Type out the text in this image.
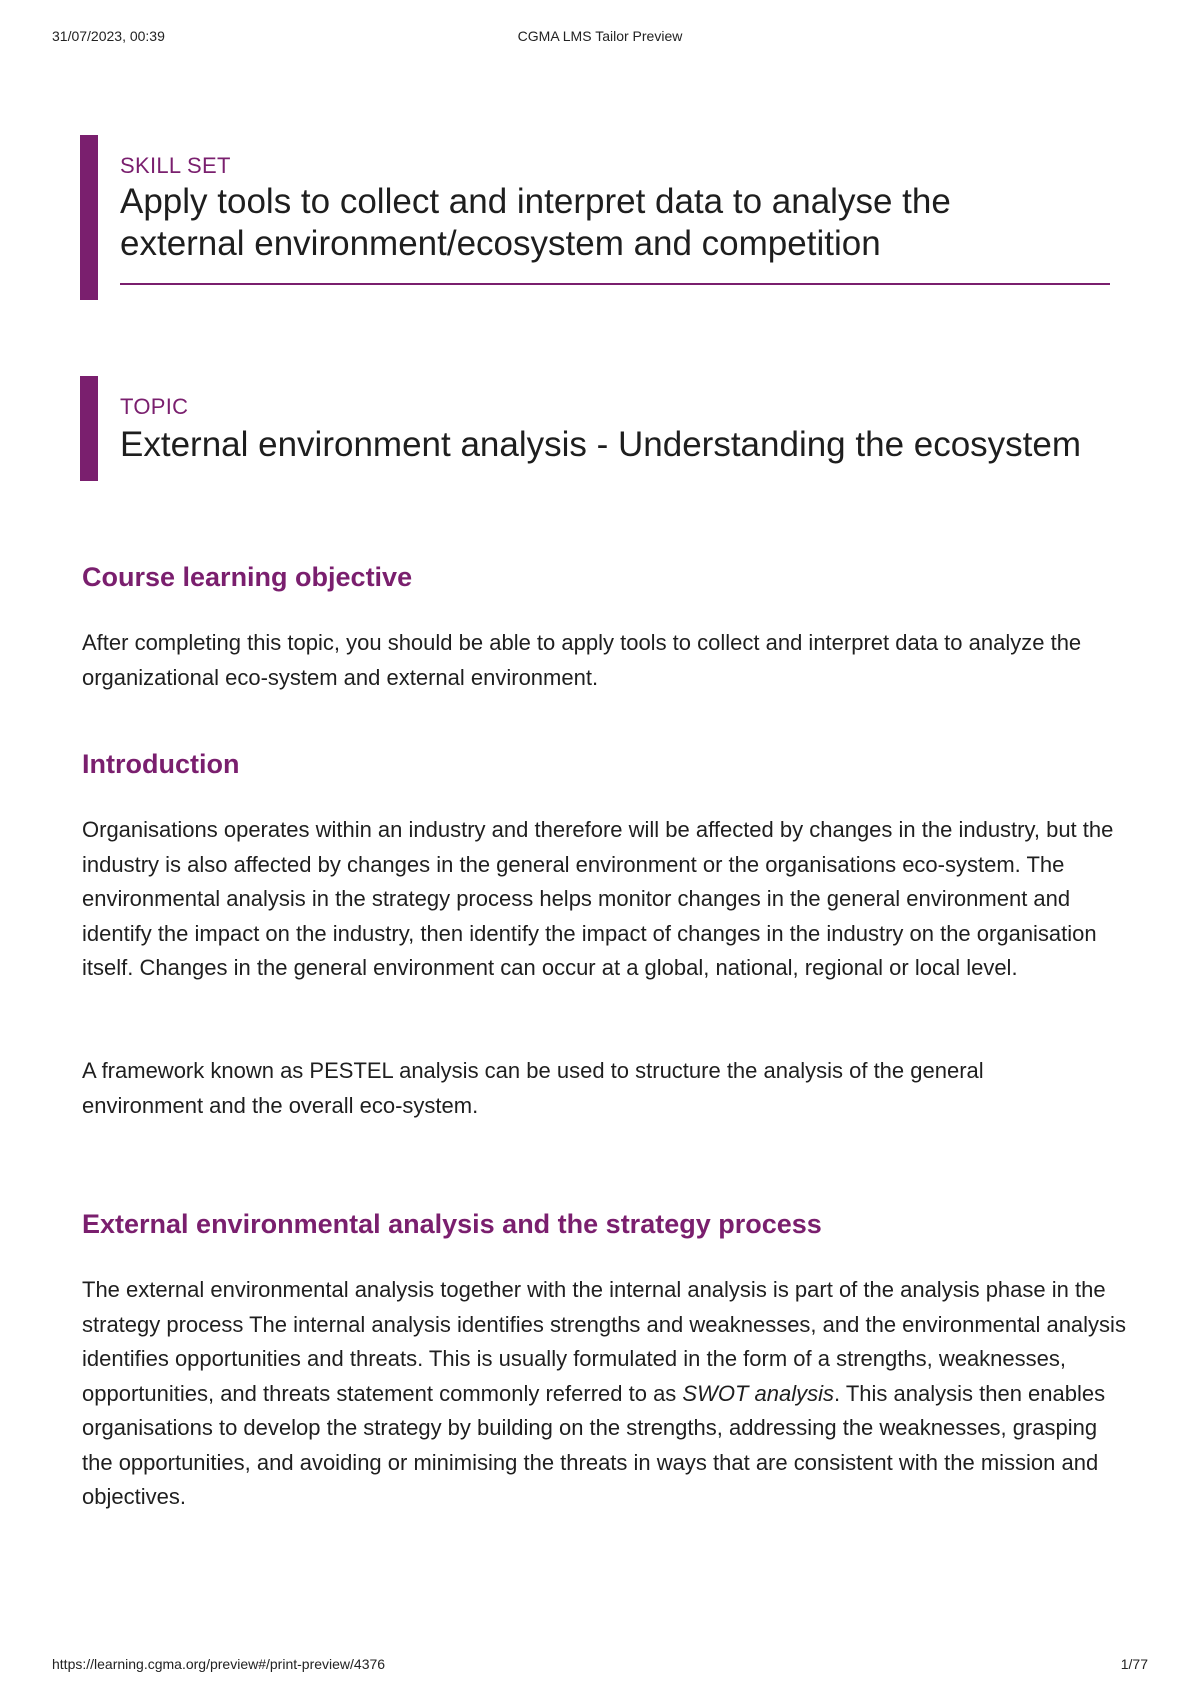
31/07/2023, 00:39	CGMA LMS Tailor Preview
SKILL SET
Apply tools to collect and interpret data to analyse the
external environment/ecosystem and competition
TOPIC
External environment analysis - Understanding the ecosystem
Course learning objective

After completing this topic, you should be able to apply tools to collect and interpret data to analyze the organizational eco-system and external environment.

Introduction

Organisations operates within an industry and therefore will be affected by changes in the industry, but the industry is also affected by changes in the general environment or the organisations eco-system. The environmental analysis in the strategy process helps monitor changes in the general environment and identify the impact on the industry, then identify the impact of changes in the industry on the organisation itself. Changes in the general environment can occur at a global, national, regional or local level.

A framework known as PESTEL analysis can be used to structure the analysis of the general environment and the overall eco-system.

External environmental analysis and the strategy process

The external environmental analysis together with the internal analysis is part of the analysis phase in the strategy process The internal analysis identifies strengths and weaknesses, and the environmental analysis identifies opportunities and threats. This is usually formulated in the form of a strengths, weaknesses, opportunities, and threats statement commonly referred to as SWOT analysis. This analysis then enables organisations to develop the strategy by building on the strengths, addressing the weaknesses, grasping the opportunities, and avoiding or minimising the threats in ways that are consistent with the mission and objectives.

https://learning.cgma.org/preview#/print-preview/4376	1/77
